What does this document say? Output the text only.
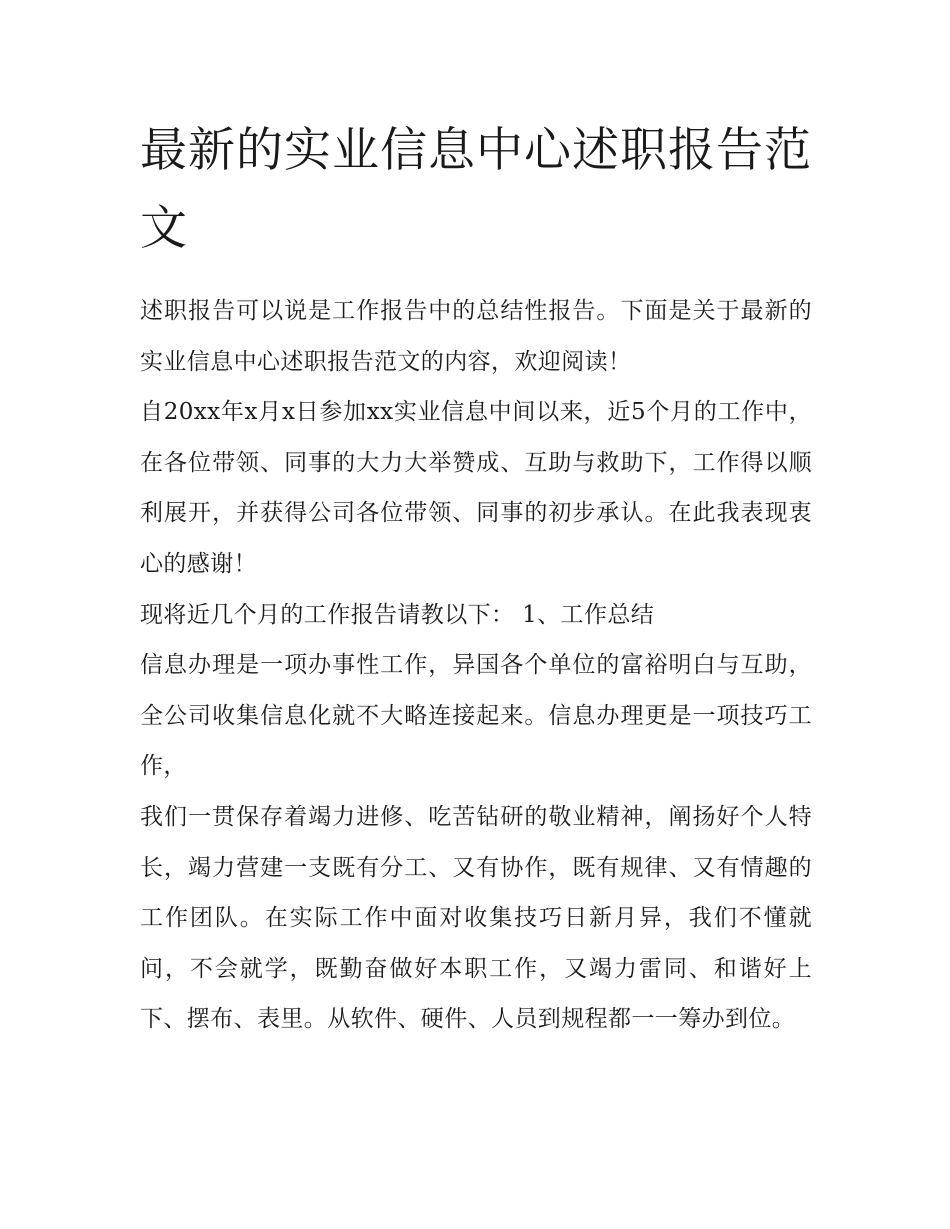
最新的实业信息中心述职报告范文

述职报告可以说是工作报告中的总结性报告。下面是关于最新的实业信息中心述职报告范文的内容，欢迎阅读！

自20xx年x月x日参加xx实业信息中间以来，近5个月的工作中，在各位带领、同事的大力大举赞成、互助与救助下，工作得以顺利展开，并获得公司各位带领、同事的初步承认。在此我表现衷心的感谢！

现将近几个月的工作报告请教以下： 1、工作总结

信息办理是一项办事性工作，异国各个单位的富裕明白与互助，全公司收集信息化就不大略连接起来。信息办理更是一项技巧工作，

我们一贯保存着竭力进修、吃苦钻研的敬业精神，阐扬好个人特长，竭力营建一支既有分工、又有协作，既有规律、又有情趣的工作团队。在实际工作中面对收集技巧日新月异，我们不懂就问，不会就学，既勤奋做好本职工作，又竭力雷同、和谐好上下、摆布、表里。从软件、硬件、人员到规程都一一筹办到位。
